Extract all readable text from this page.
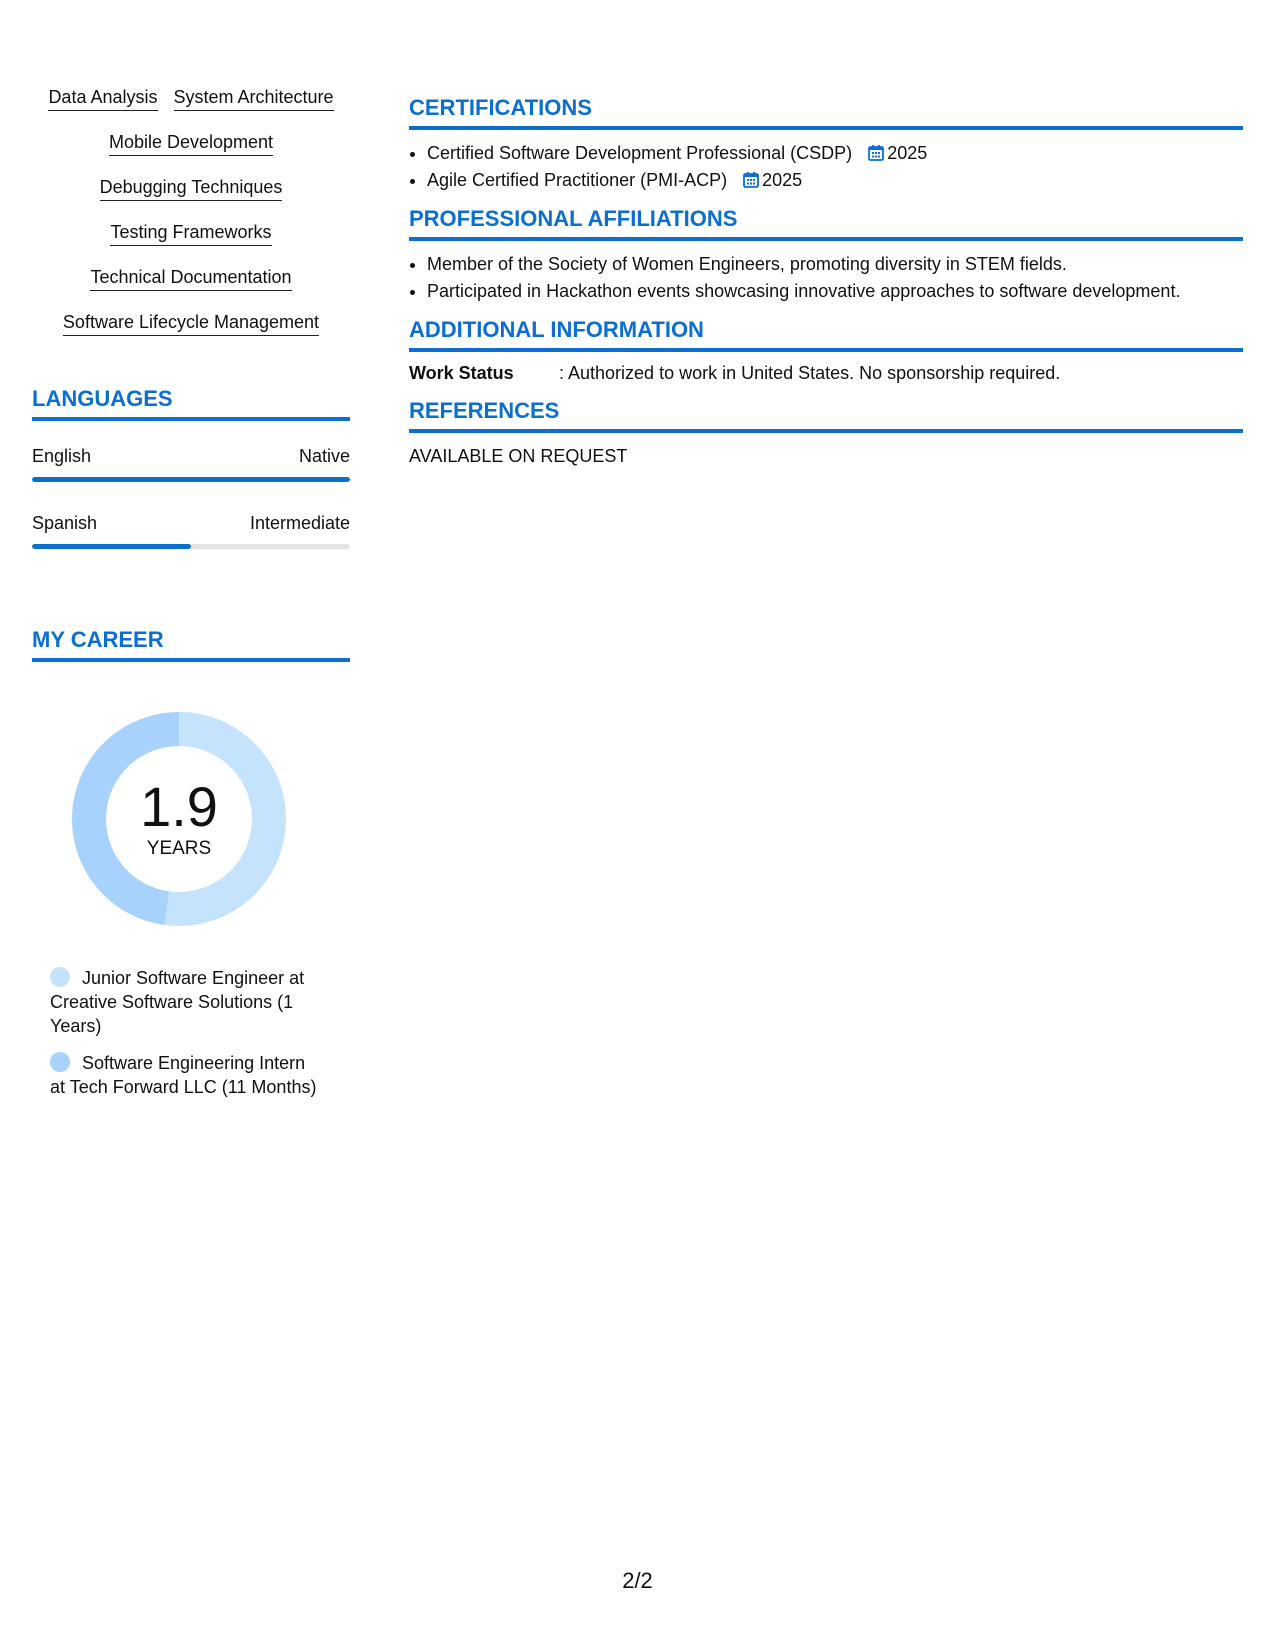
Data Analysis System Architecture
Mobile Development
Debugging Techniques
Testing Frameworks
Technical Documentation
Software Lifecycle Management
LANGUAGES
English	Native
Spanish	Intermediate
MY CAREER
1.9
YEARS
Junior Software Engineer at Creative Software Solutions (1 Years)
Software Engineering Intern at Tech Forward LLC (11 Months)
CERTIFICATIONS
• Certified Software Development Professional (CSDP) 2025
• Agile Certified Practitioner (PMI-ACP) 2025
PROFESSIONAL AFFILIATIONS
• Member of the Society of Women Engineers, promoting diversity in STEM fields.
• Participated in Hackathon events showcasing innovative approaches to software development.
ADDITIONAL INFORMATION
Work Status	: Authorized to work in United States. No sponsorship required.
REFERENCES
AVAILABLE ON REQUEST
2/2
